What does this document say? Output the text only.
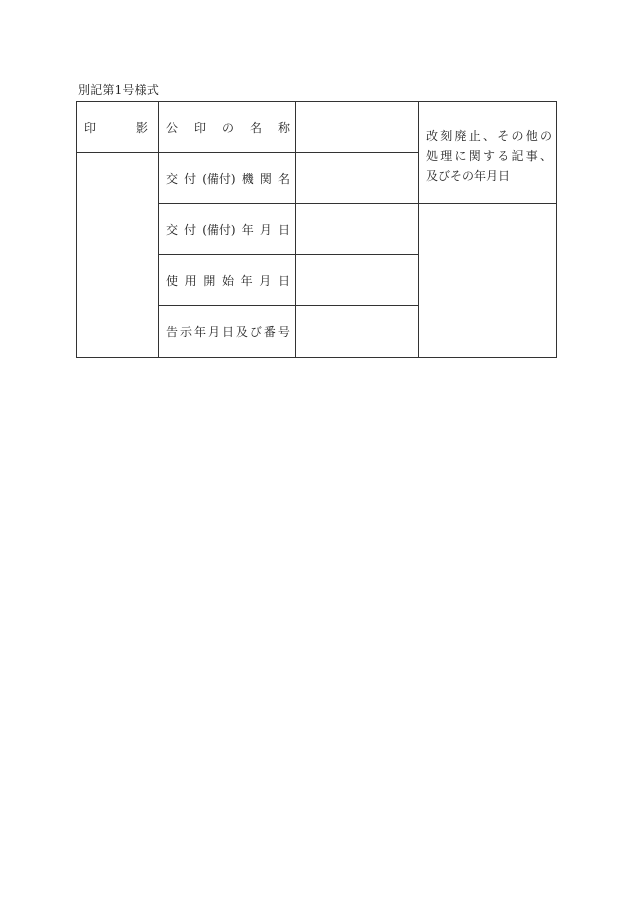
別記第1号様式
印	影 公 印 の 名 称
交 付 (備付) 機 関 名
交 付 (備付) 年 月 日
使 用 開 始 年 月 日
告 示 年 月 日 及 び 番 号
改刻廃止、その他の
処理に関する記事、
及びその年月日
